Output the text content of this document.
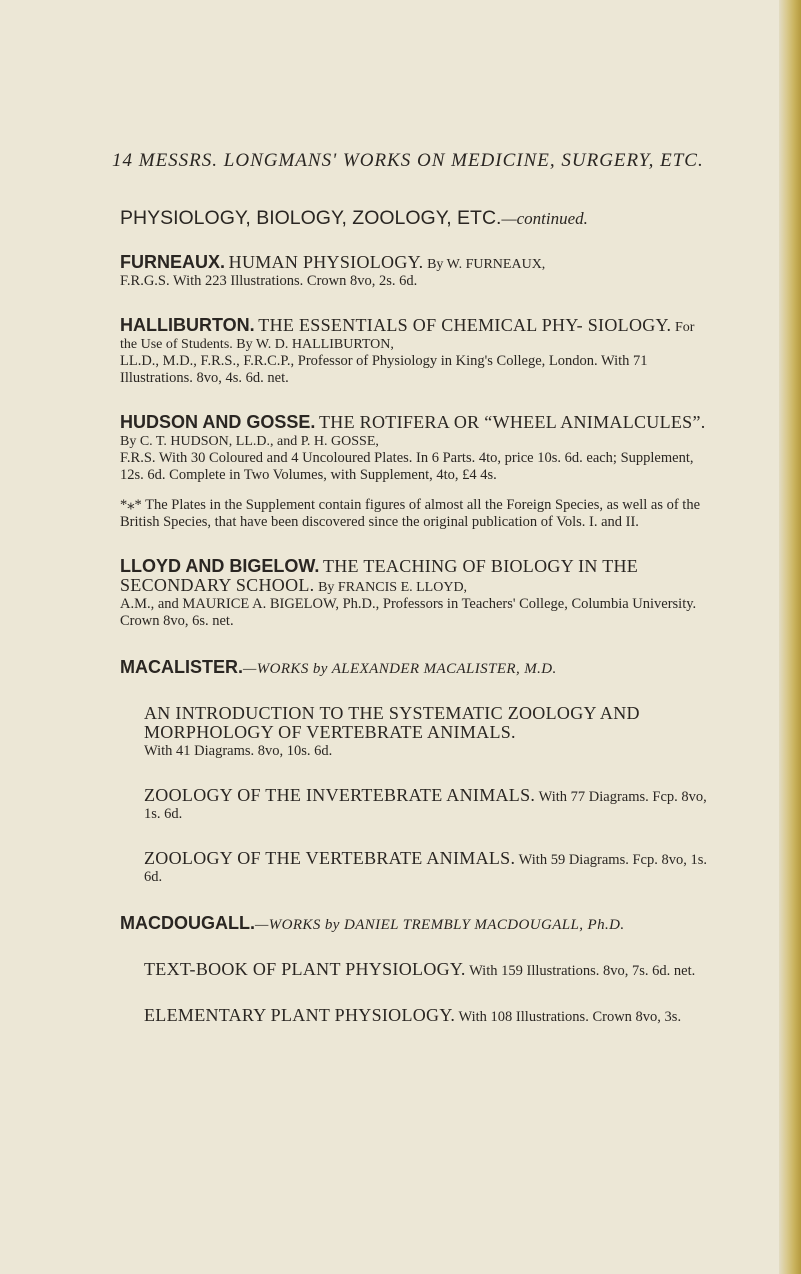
14 MESSRS. LONGMANS' WORKS ON MEDICINE, SURGERY, ETC.
PHYSIOLOGY, BIOLOGY, ZOOLOGY, ETC.—continued.
FURNEAUX. HUMAN PHYSIOLOGY. By W. FURNEAUX,
F.R.G.S. With 223 Illustrations. Crown 8vo, 2s. 6d.
HALLIBURTON. THE ESSENTIALS OF CHEMICAL PHY- SIOLOGY. For the Use of Students. By W. D. HALLIBURTON,
LL.D., M.D., F.R.S., F.R.C.P., Professor of Physiology in King's College, London. With 71 Illustrations. 8vo, 4s. 6d. net.
HUDSON AND GOSSE. THE ROTIFERA OR “WHEEL ANIMALCULES”. By C. T. HUDSON, LL.D., and P. H. GOSSE,
F.R.S. With 30 Coloured and 4 Uncoloured Plates. In 6 Parts. 4to, price 10s. 6d. each; Supplement, 12s. 6d. Complete in Two Volumes, with Supplement, 4to, £4 4s.
*⁎* The Plates in the Supplement contain figures of almost all the Foreign Species, as well as of the British Species, that have been discovered since the original publication of Vols. I. and II.
LLOYD AND BIGELOW. THE TEACHING OF BIOLOGY IN THE SECONDARY SCHOOL. By FRANCIS E. LLOYD,
A.M., and MAURICE A. BIGELOW, Ph.D., Professors in Teachers' College, Columbia University. Crown 8vo, 6s. net.
MACALISTER.—WORKS by ALEXANDER MACALISTER, M.D.
AN INTRODUCTION TO THE SYSTEMATIC ZOOLOGY AND MORPHOLOGY OF VERTEBRATE ANIMALS.
With 41 Diagrams. 8vo, 10s. 6d.
ZOOLOGY OF THE INVERTEBRATE ANIMALS. With 77 Diagrams. Fcp. 8vo, 1s. 6d.
ZOOLOGY OF THE VERTEBRATE ANIMALS. With 59 Diagrams. Fcp. 8vo, 1s. 6d.
MACDOUGALL.—WORKS by DANIEL TREMBLY MACDOUGALL, Ph.D.
TEXT-BOOK OF PLANT PHYSIOLOGY. With 159 Illustrations. 8vo, 7s. 6d. net.
ELEMENTARY PLANT PHYSIOLOGY. With 108 Illustrations. Crown 8vo, 3s.
